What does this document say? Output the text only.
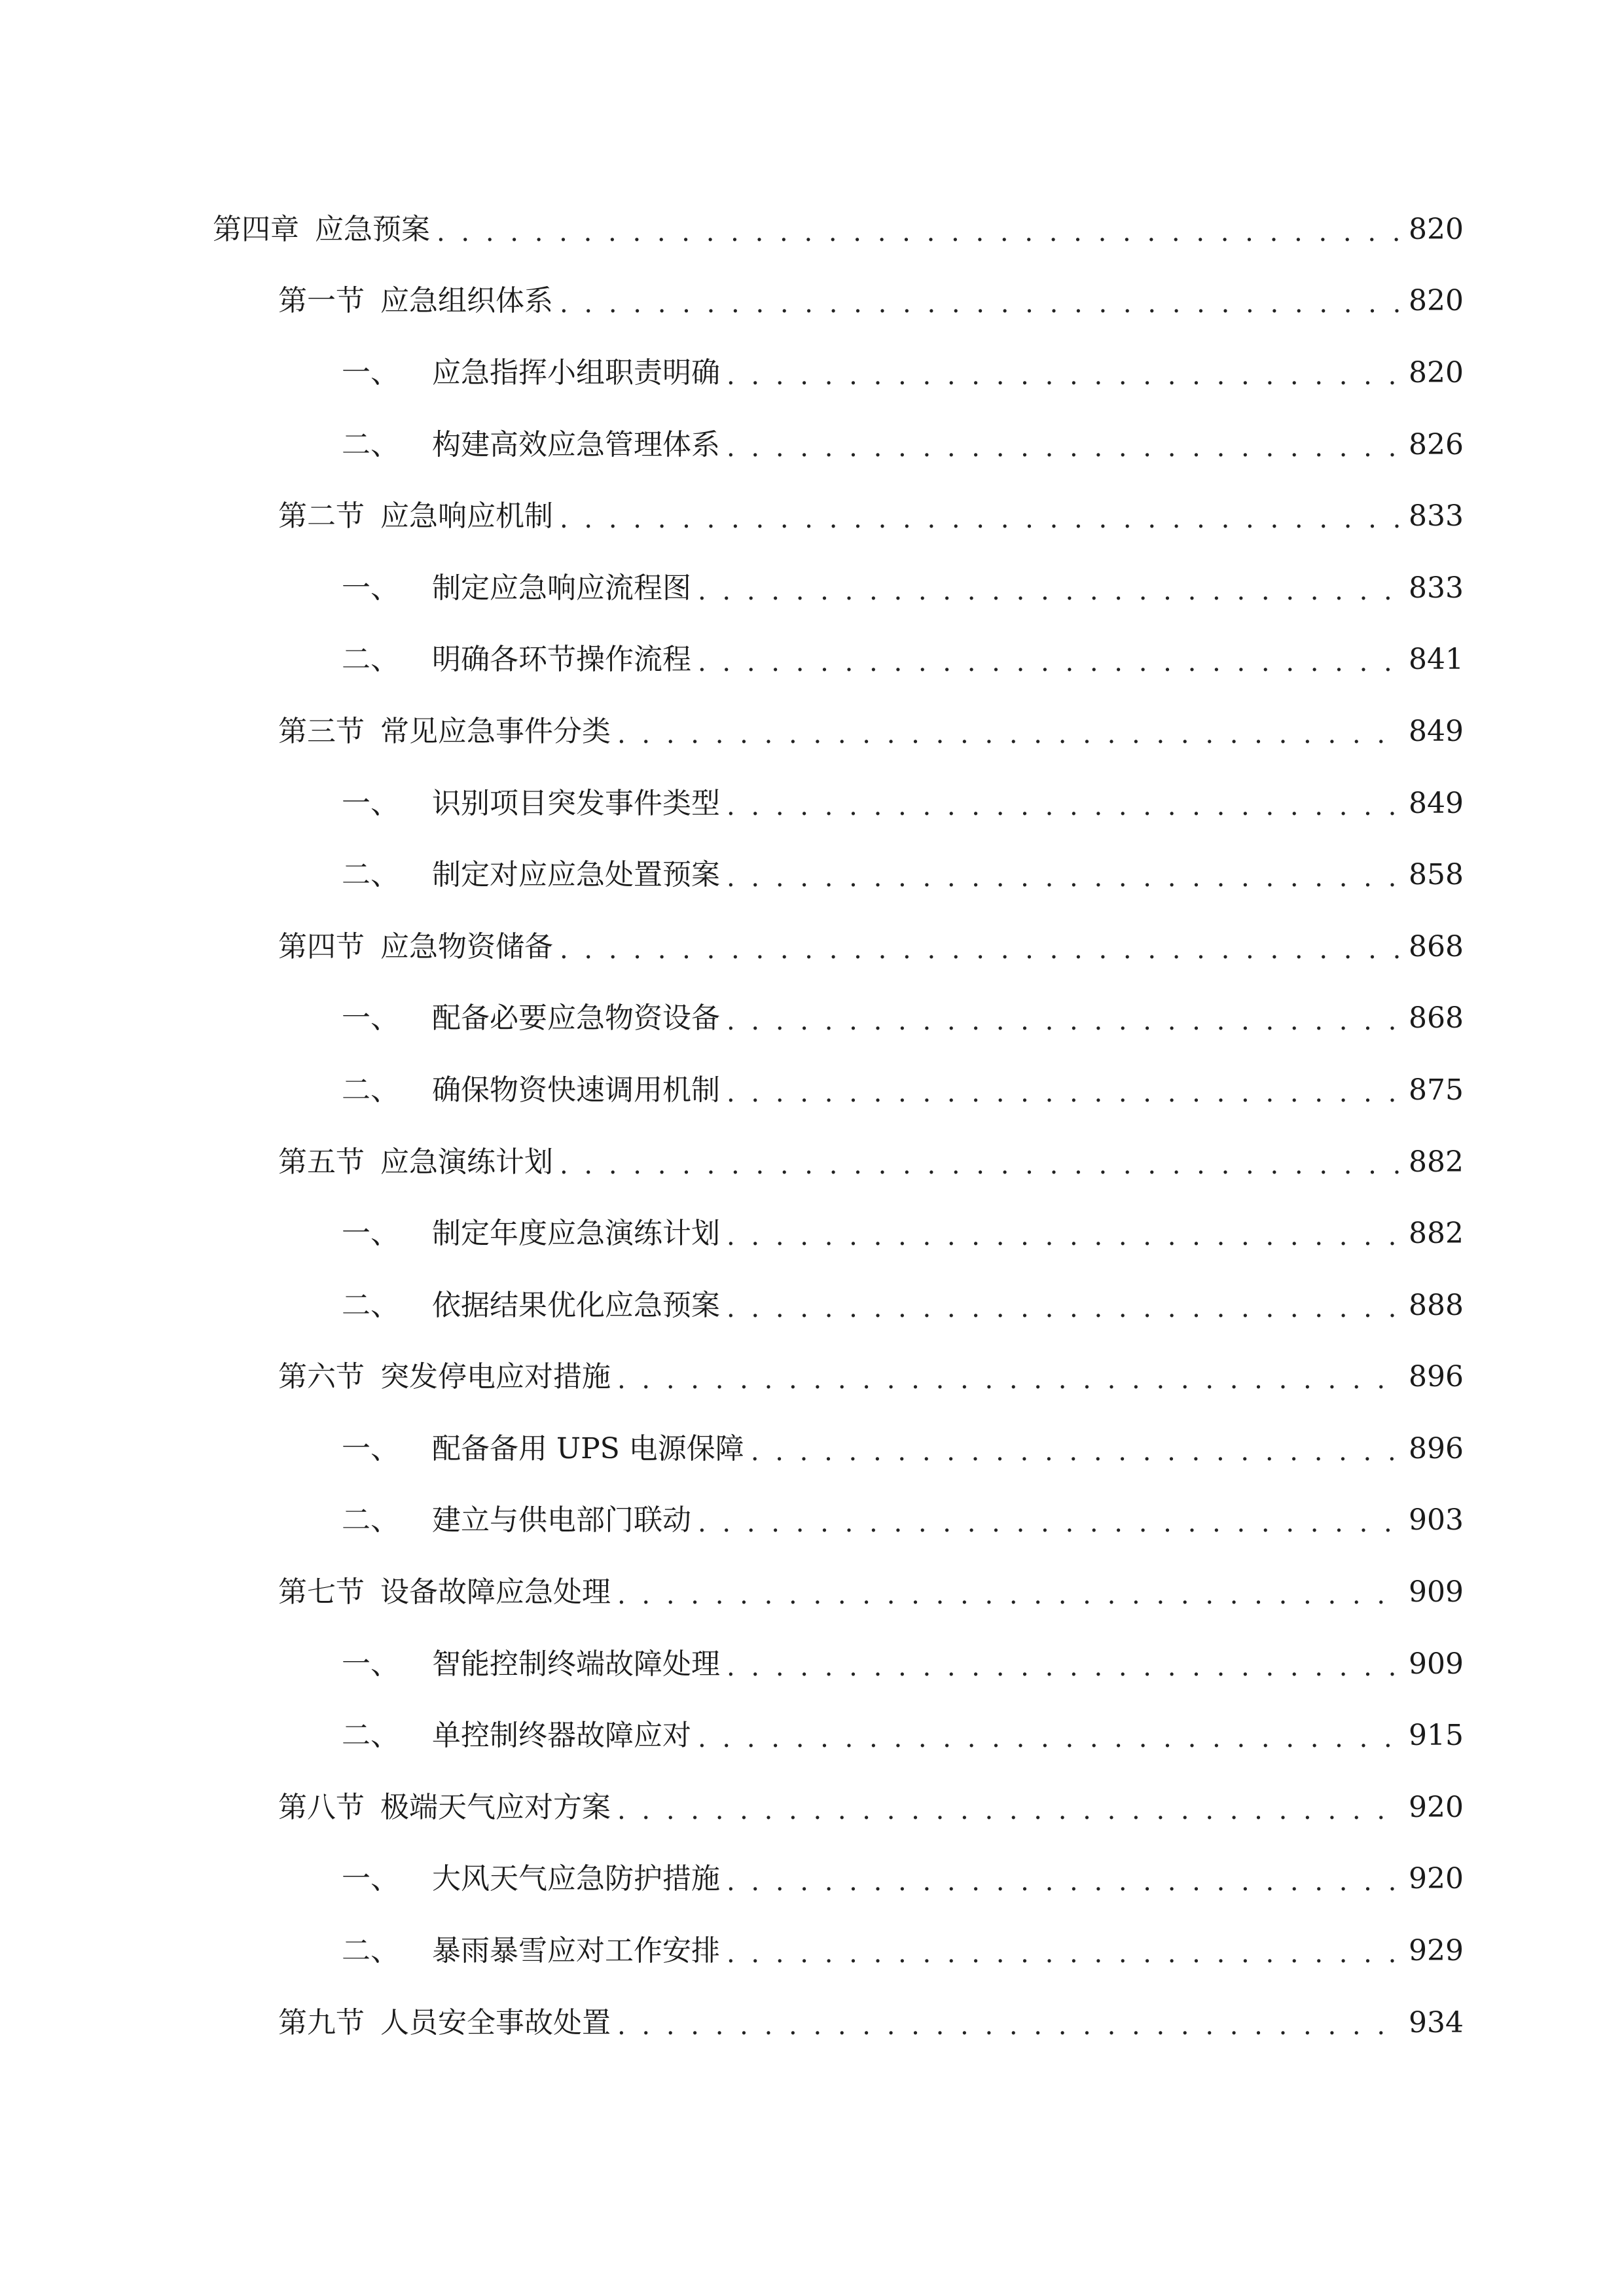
第四章 应急预案 . . .	820
第一节 应急组织体系 . . .	820
一、 应急指挥小组职责明确 . . .	820
二、 构建高效应急管理体系 . . .	826
第二节 应急响应机制 . . .	833
一、 制定应急响应流程图 . . .	833
二、 明确各环节操作流程 . . .	841
第三节 常见应急事件分类 . . .	849
一、 识别项目突发事件类型 . . .	849
二、 制定对应应急处置预案 . . .	858
第四节 应急物资储备 . . .	868
一、 配备必要应急物资设备 . . .	868
二、 确保物资快速调用机制 . . .	875
第五节 应急演练计划 . . .	882
一、 制定年度应急演练计划 . . .	882
二、 依据结果优化应急预案 . . .	888
第六节 突发停电应对措施 . . .	896
一、 配备备用 UPS 电源保障 . . .	896
二、 建立与供电部门联动 . . .	903
第七节 设备故障应急处理 . . .	909
一、 智能控制终端故障处理 . . .	909
二、 单控制终器故障应对 . . .	915
第八节 极端天气应对方案 . . .	920
一、 大风天气应急防护措施 . . .	920
二、 暴雨暴雪应对工作安排 . . .	929
第九节 人员安全事故处置 . . .	934
